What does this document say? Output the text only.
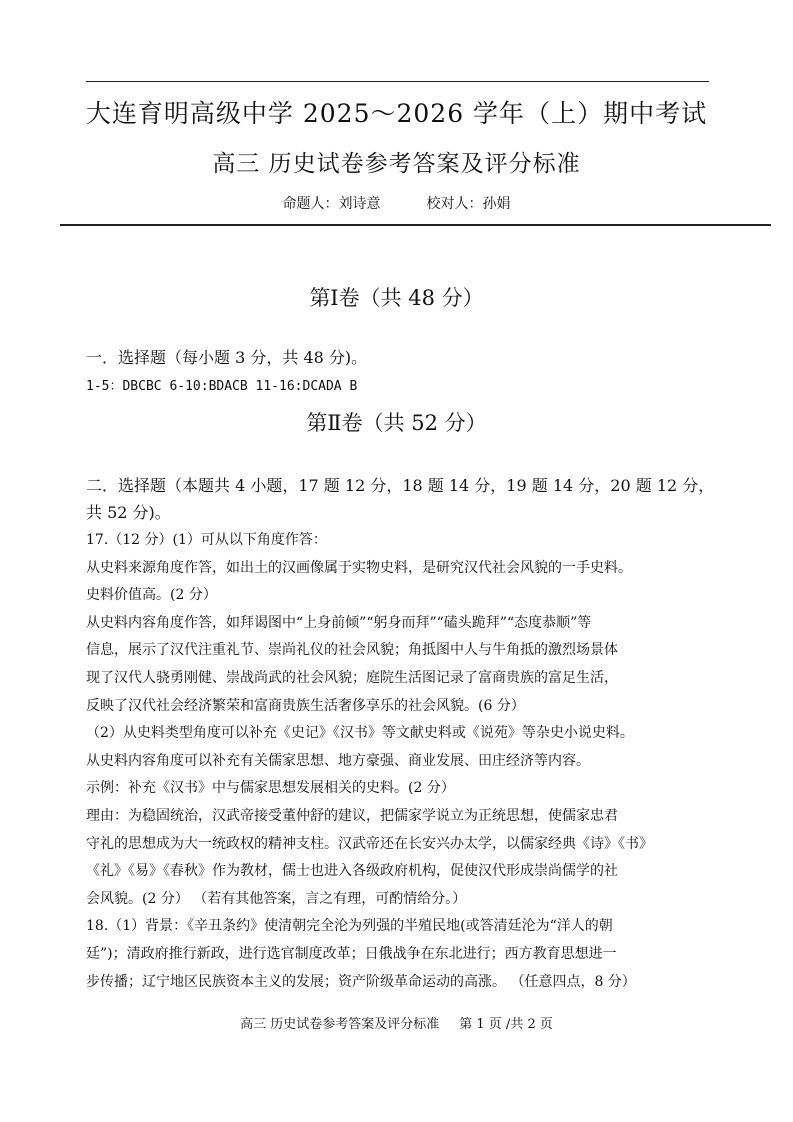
大连育明高级中学 2025～2026 学年（上）期中考试
高三 历史试卷参考答案及评分标准
命题人：刘诗意	校对人：孙娟
第Ⅰ卷（共 48 分）
一．选择题（每小题 3 分，共 48 分)。
1-5：DBCBC 6-10:BDACB 11-16:DCADA B
第Ⅱ卷（共 52 分）
二．选择题（本题共 4 小题，17 题 12 分，18 题 14 分，19 题 14 分，20 题 12 分，共 52 分)。

17.（12 分）(1）可从以下角度作答：

从史料来源角度作答，如出土的汉画像属于实物史料，是研究汉代社会风貌的一手史料。

史料价值高。(2 分）

从史料内容角度作答，如拜谒图中“上身前倾”“躬身而拜”“磕头跪拜”“态度恭顺”等

信息，展示了汉代注重礼节、崇尚礼仪的社会风貌；角抵图中人与牛角抵的激烈场景体

现了汉代人骁勇刚健、崇战尚武的社会风貌；庭院生活图记录了富商贵族的富足生活，

反映了汉代社会经济繁荣和富商贵族生活奢侈享乐的社会风貌。(6 分）

（2）从史料类型角度可以补充《史记》《汉书》等文献史料或《说苑》等杂史小说史料。

从史料内容角度可以补充有关儒家思想、地方豪强、商业发展、田庄经济等内容。

示例：补充《汉书》中与儒家思想发展相关的史料。(2 分）

理由：为稳固统治，汉武帝接受董仲舒的建议，把儒家学说立为正统思想，使儒家忠君

守礼的思想成为大一统政权的精神支柱。汉武帝还在长安兴办太学，以儒家经典《诗》《书》

《礼》《易》《春秋》作为教材，儒士也进入各级政府机构，促使汉代形成崇尚儒学的社

会风貌。(2 分） （若有其他答案，言之有理，可酌情给分。）

18.（1）背景：《辛丑条约》使清朝完全沦为列强的半殖民地(或答清廷沦为“洋人的朝

廷”)；清政府推行新政，进行选官制度改革；日俄战争在东北进行；西方教育思想进一

步传播；辽宁地区民族资本主义的发展；资产阶级革命运动的高涨。 （任意四点，8 分）

高三 历史试卷参考答案及评分标准 第 1 页 /共 2 页
